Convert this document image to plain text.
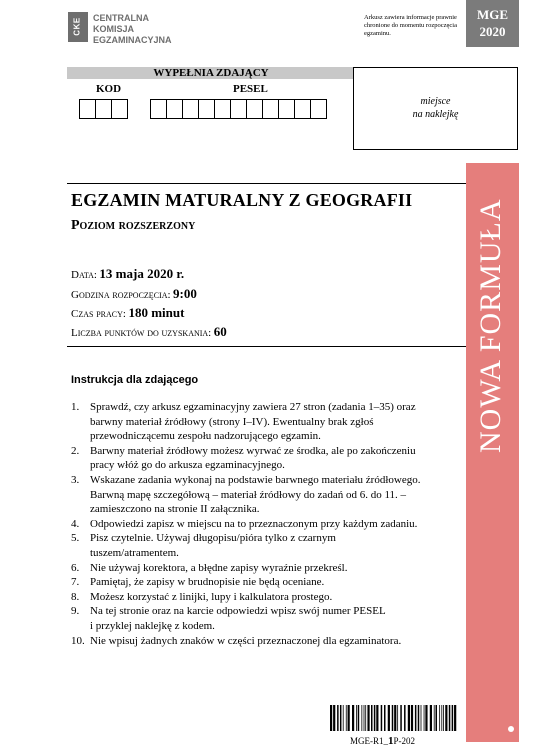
CKE CENTRALNA
KOMISJA
EGZAMINACYJNA
Arkusz zawiera informacje prawnie chronione do momentu rozpoczęcia egzaminu.
MGE
2020
WYPEŁNIA ZDAJĄCY
KOD	PESEL
miejsce
na naklejkę
NOWA FORMUŁA
EGZAMIN MATURALNY Z GEOGRAFII
Poziom rozszerzony
Data: 13 maja 2020 r.
Godzina rozpoczęcia: 9:00
Czas pracy: 180 minut
Liczba punktów do uzyskania: 60
Instrukcja dla zdającego
1. Sprawdź, czy arkusz egzaminacyjny zawiera 27 stron (zadania 1–35) oraz
barwny materiał źródłowy (strony I–IV). Ewentualny brak zgłoś
przewodniczącemu zespołu nadzorującego egzamin.
2. Barwny materiał źródłowy możesz wyrwać ze środka, ale po zakończeniu
pracy włóż go do arkusza egzaminacyjnego.
3. Wskazane zadania wykonaj na podstawie barwnego materiału źródłowego.
Barwną mapę szczegółową – materiał źródłowy do zadań od 6. do 11. –
zamieszczono na stronie II załącznika.
4. Odpowiedzi zapisz w miejscu na to przeznaczonym przy każdym zadaniu.
5. Pisz czytelnie. Używaj długopisu/pióra tylko z czarnym
tuszem/atramentem.
6. Nie używaj korektora, a błędne zapisy wyraźnie przekreśl.
7. Pamiętaj, że zapisy w brudnopisie nie będą oceniane.
8. Możesz korzystać z linijki, lupy i kalkulatora prostego.
9. Na tej stronie oraz na karcie odpowiedzi wpisz swój numer PESEL
i przyklej naklejkę z kodem.
10. Nie wpisuj żadnych znaków w części przeznaczonej dla egzaminatora.
MGE-R1_1P-202
